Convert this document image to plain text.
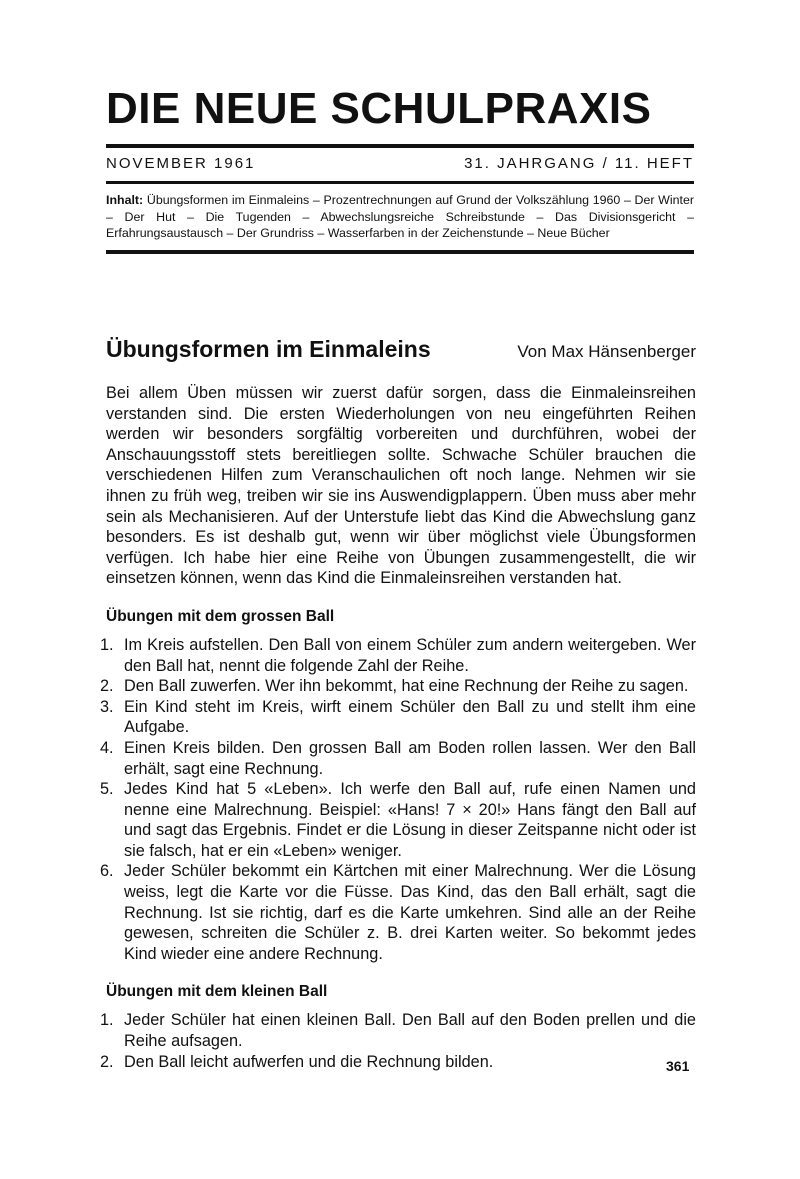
DIE NEUE SCHULPRAXIS
NOVEMBER 1961	31. JAHRGANG / 11. HEFT
Inhalt: Übungsformen im Einmaleins – Prozentrechnungen auf Grund der Volkszählung 1960 – Der Winter – Der Hut – Die Tugenden – Abwechslungsreiche Schreibstunde – Das Divisionsgericht – Erfahrungsaustausch – Der Grundriss – Wasserfarben in der Zeichenstunde – Neue Bücher
Übungsformen im Einmaleins	Von Max Hänsenberger

Bei allem Üben müssen wir zuerst dafür sorgen, dass die Einmaleinsreihen verstanden sind. Die ersten Wiederholungen von neu eingeführten Reihen werden wir besonders sorgfältig vorbereiten und durchführen, wobei der Anschauungsstoff stets bereitliegen sollte. Schwache Schüler brauchen die verschiedenen Hilfen zum Veranschaulichen oft noch lange. Nehmen wir sie ihnen zu früh weg, treiben wir sie ins Auswendigplappern. Üben muss aber mehr sein als Mechanisieren. Auf der Unterstufe liebt das Kind die Abwechslung ganz besonders. Es ist deshalb gut, wenn wir über möglichst viele Übungsformen verfügen. Ich habe hier eine Reihe von Übungen zusammengestellt, die wir einsetzen können, wenn das Kind die Einmaleinsreihen verstanden hat.

Übungen mit dem grossen Ball
1. Im Kreis aufstellen. Den Ball von einem Schüler zum andern weitergeben. Wer den Ball hat, nennt die folgende Zahl der Reihe.
2. Den Ball zuwerfen. Wer ihn bekommt, hat eine Rechnung der Reihe zu sagen.
3. Ein Kind steht im Kreis, wirft einem Schüler den Ball zu und stellt ihm eine Aufgabe.
4. Einen Kreis bilden. Den grossen Ball am Boden rollen lassen. Wer den Ball erhält, sagt eine Rechnung.
5. Jedes Kind hat 5 «Leben». Ich werfe den Ball auf, rufe einen Namen und nenne eine Malrechnung. Beispiel: «Hans! 7 × 20!» Hans fängt den Ball auf und sagt das Ergebnis. Findet er die Lösung in dieser Zeitspanne nicht oder ist sie falsch, hat er ein «Leben» weniger.
6. Jeder Schüler bekommt ein Kärtchen mit einer Malrechnung. Wer die Lösung weiss, legt die Karte vor die Füsse. Das Kind, das den Ball erhält, sagt die Rechnung. Ist sie richtig, darf es die Karte umkehren. Sind alle an der Reihe gewesen, schreiten die Schüler z. B. drei Karten weiter. So bekommt jedes Kind wieder eine andere Rechnung.
Übungen mit dem kleinen Ball
1. Jeder Schüler hat einen kleinen Ball. Den Ball auf den Boden prellen und die Reihe aufsagen.
2. Den Ball leicht aufwerfen und die Rechnung bilden.	361
